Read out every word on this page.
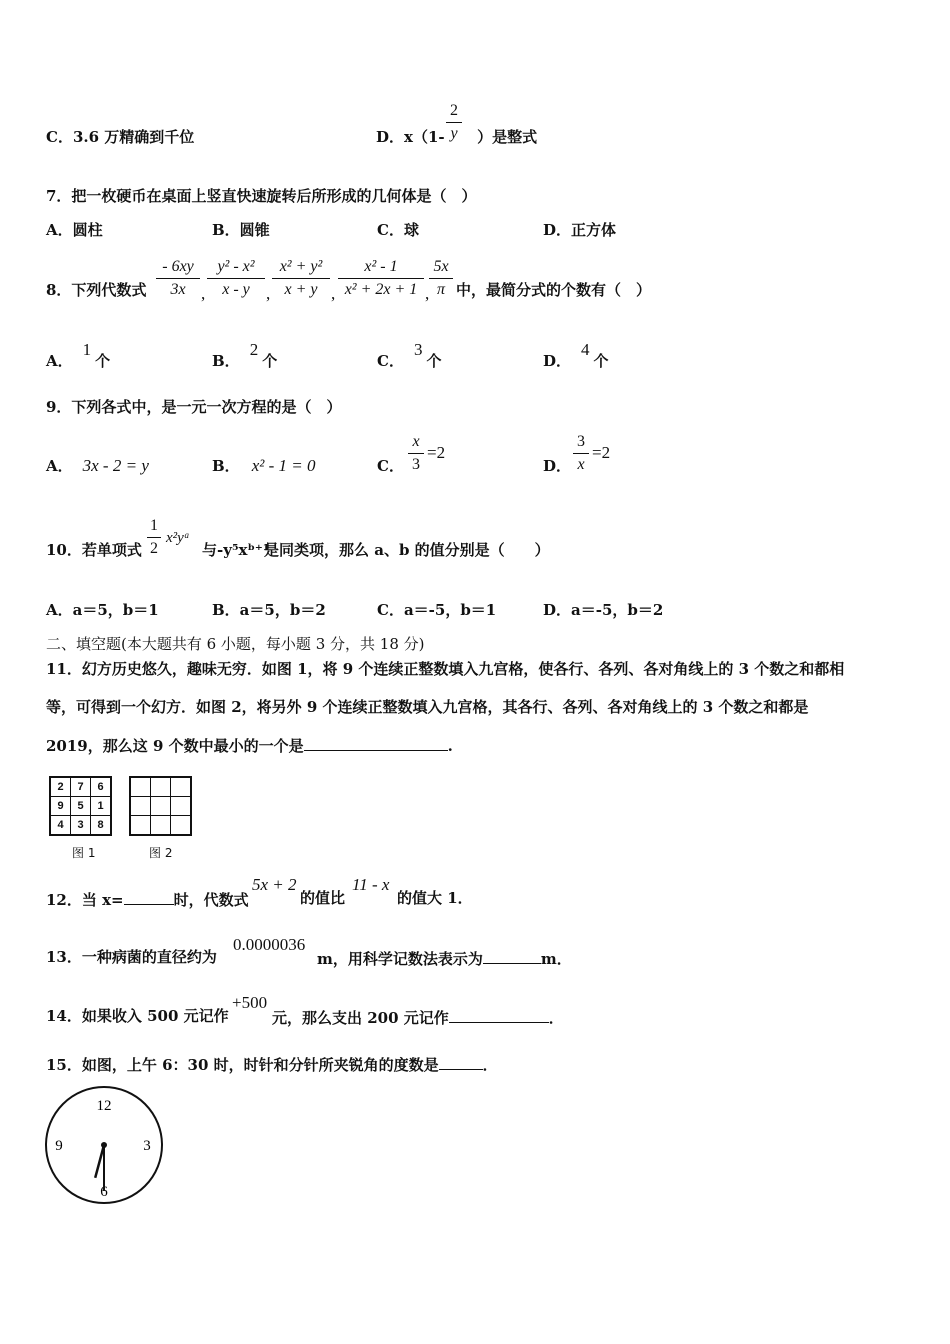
C．3.6 万精确到千位	D．x（1- ）是整式
2
y
7．把一枚硬币在桌面上竖直快速旋转后所形成的几何体是（　）
A．圆柱	B．圆锥	C．球	D．正方体
8．下列代数式
- 6xy
3x ,
y² - x²
x - y ,
x² + y²
x + y ,
x² - 1
x² + 2x + 1 ,
5x
π 中，最简分式的个数有（　）
A．1个	B．2个	C．3个	D．4个
9．下列各式中，是一元一次方程的是（　）
A． 3x - 2 = y	B． x² - 1 = 0	C．
x
3
=2
D．
3
x
=2
10．若单项式
1
2
x²yᵃ
与-y⁵xᵇ⁺¹
是同类项，那么 a、b 的值分别是（　　）
A．a＝5，b＝1	B．a＝5，b＝2	C．a＝-5，b＝1	D．a＝-5，b＝2
二、填空题(本大题共有 6 小题，每小题 3 分，共 18 分)
11．幻方历史悠久，趣味无穷．如图 1，将 9 个连续正整数填入九宫格，使各行、各列、各对角线上的 3 个数之和都相
等，可得到一个幻方．如图 2，将另外 9 个连续正整数填入九宫格，其各行、各列、各对角线上的 3 个数之和都是
2019，那么这 9 个数中最小的一个是	.
2	7	6
9	5	1
4	3	8

图 1	图 2
12．当 x=	时，代数式
5x + 2
的值比
11 - x
的值大 1．
13．一种病菌的直径约为
0.0000036
m，用科学记数法表示为	m．
14．如果收入 500 元记作
+500
元，那么支出 200 元记作	．
15．如图，上午 6：30 时，时针和分针所夹锐角的度数是	．
12
3
6
9
